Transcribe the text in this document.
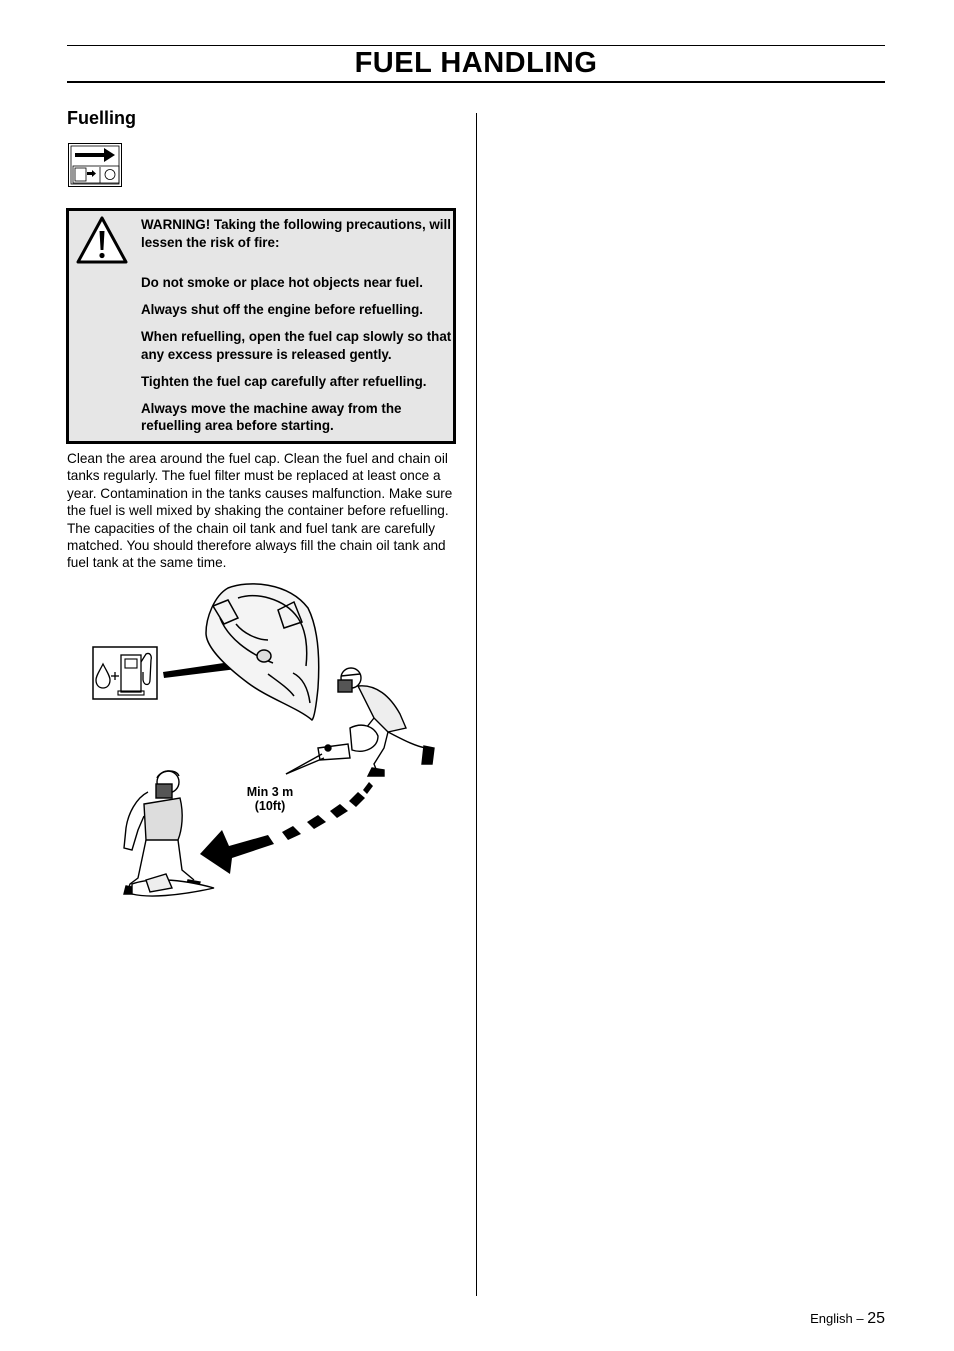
FUEL HANDLING
Fuelling

WARNING! Taking the following precautions, will lessen the risk of fire:

Do not smoke or place hot objects near fuel.

Always shut off the engine before refuelling.

When refuelling, open the fuel cap slowly so that any excess pressure is released gently.

Tighten the fuel cap carefully after refuelling.

Always move the machine away from the refuelling area before starting.

Clean the area around the fuel cap. Clean the fuel and chain oil tanks regularly. The fuel filter must be replaced at least once a year. Contamination in the tanks causes malfunction. Make sure the fuel is well mixed by shaking the container before refuelling. The capacities of the chain oil tank and fuel tank are carefully matched. You should therefore always fill the chain oil tank and fuel tank at the same time.

Min 3 m
(10ft)
English – 25
